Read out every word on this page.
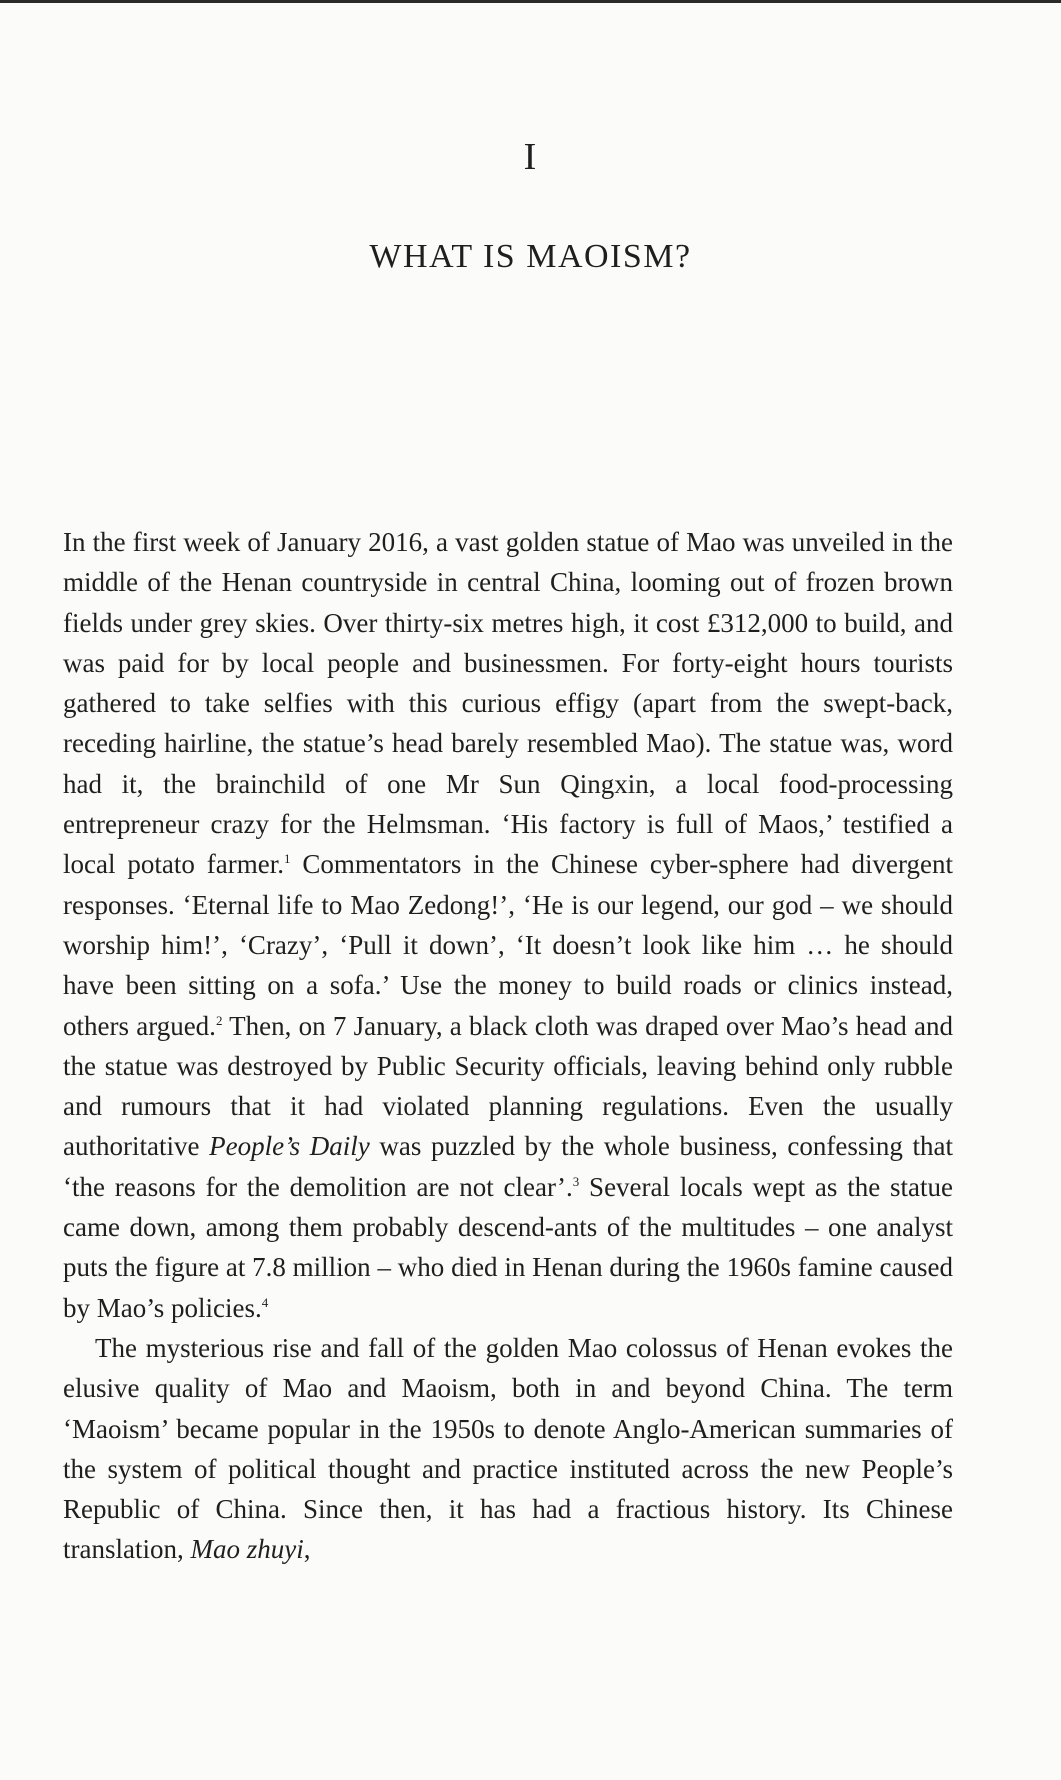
I
WHAT IS MAOISM?

In the first week of January 2016, a vast golden statue of Mao was unveiled in the middle of the Henan countryside in central China, looming out of frozen brown fields under grey skies. Over thirty-six metres high, it cost £312,000 to build, and was paid for by local people and businessmen. For forty-eight hours tourists gathered to take selfies with this curious effigy (apart from the swept-back, receding hairline, the statue’s head barely resembled Mao). The statue was, word had it, the brainchild of one Mr Sun Qingxin, a local food-processing entrepreneur crazy for the Helmsman. ‘His factory is full of Maos,’ testified a local potato farmer.$^1$ Commentators in the Chinese cyber-sphere had divergent responses. ‘Eternal life to Mao Zedong!’, ‘He is our legend, our god – we should worship him!’, ‘Crazy’, ‘Pull it down’, ‘It doesn’t look like him … he should have been sitting on a sofa.’ Use the money to build roads or clinics instead, others argued.$^2$ Then, on 7 January, a black cloth was draped over Mao’s head and the statue was destroyed by Public Security officials, leaving behind only rubble and rumours that it had violated planning regulations. Even the usually authoritative People’s Daily was puzzled by the whole business, confessing that ‘the reasons for the demolition are not clear’.$^3$ Several locals wept as the statue came down, among them probably descend-ants of the multitudes – one analyst puts the figure at 7.8 million – who died in Henan during the 1960s famine caused by Mao’s policies.$^4$

The mysterious rise and fall of the golden Mao colossus of Henan evokes the elusive quality of Mao and Maoism, both in and beyond China. The term ‘Maoism’ became popular in the 1950s to denote Anglo-American summaries of the system of political thought and practice instituted across the new People’s Republic of China. Since then, it has had a fractious history. Its Chinese translation, Mao zhuyi,
